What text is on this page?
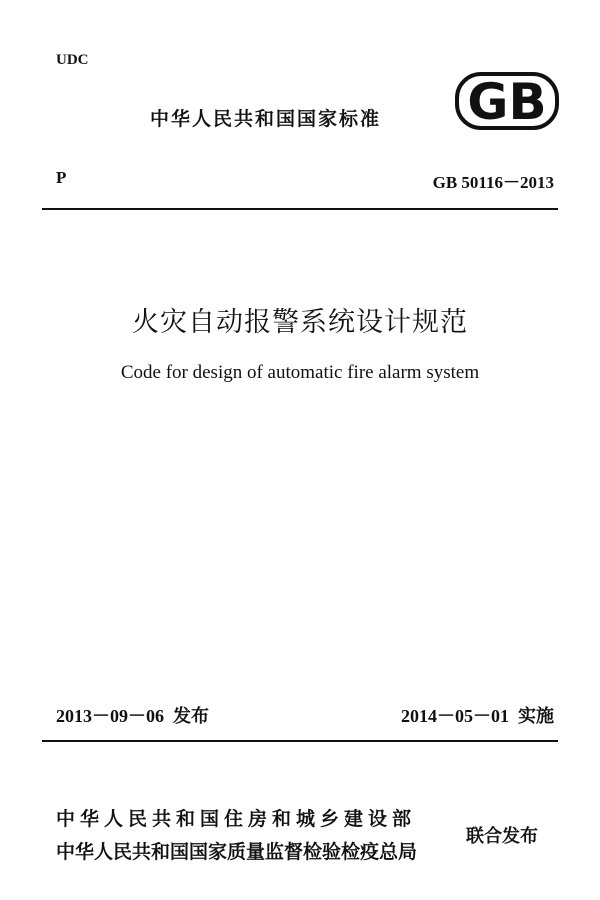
UDC
中华人民共和国国家标准 GB
P	GB 50116－2013
火灾自动报警系统设计规范
Code for design of automatic fire alarm system
2013－09－06  发布	2014－05－01  实施
中华人民共和国住房和城乡建设部
中华人民共和国国家质量监督检验检疫总局
联合发布
